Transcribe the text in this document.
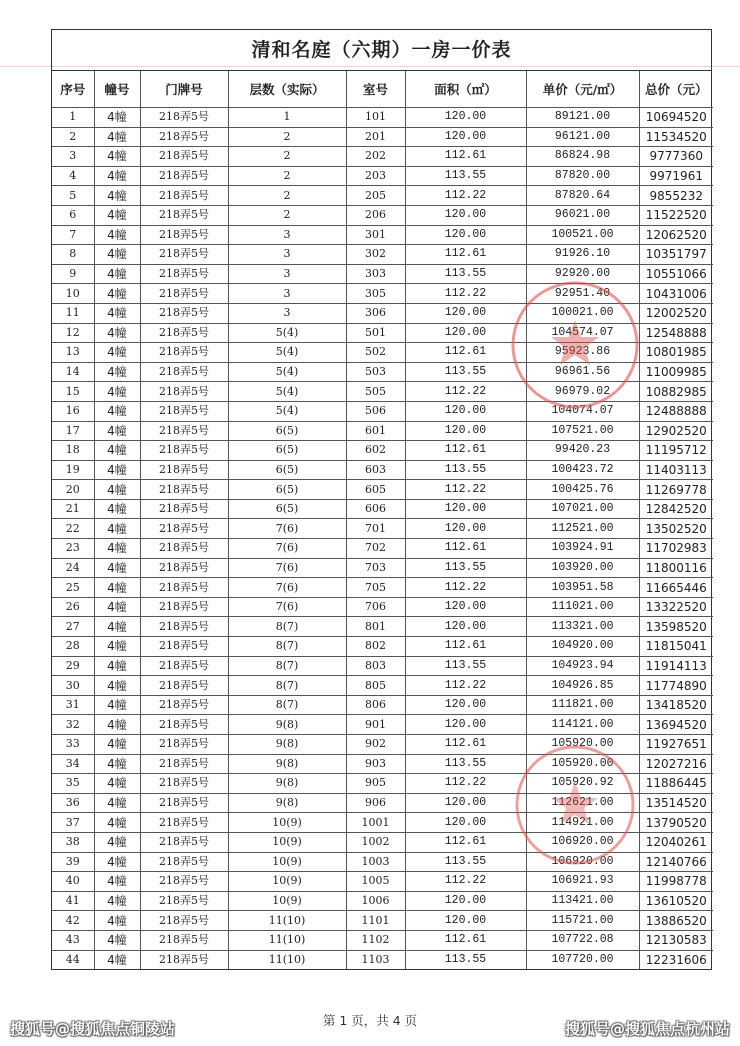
清和名庭（六期）一房一价表
序号	幢号	门牌号	层数（实际）	室号	面积（㎡）	单价（元/㎡）	总价（元）
1	4幢	218弄5号	1	101	120.00	89121.00	10694520
2	4幢	218弄5号	2	201	120.00	96121.00	11534520
3	4幢	218弄5号	2	202	112.61	86824.98	9777360
4	4幢	218弄5号	2	203	113.55	87820.00	9971961
5	4幢	218弄5号	2	205	112.22	87820.64	9855232
6	4幢	218弄5号	2	206	120.00	96021.00	11522520
7	4幢	218弄5号	3	301	120.00	100521.00	12062520
8	4幢	218弄5号	3	302	112.61	91926.10	10351797
9	4幢	218弄5号	3	303	113.55	92920.00	10551066
10	4幢	218弄5号	3	305	112.22	92951.40	10431006
11	4幢	218弄5号	3	306	120.00	100021.00	12002520
12	4幢	218弄5号	5(4)	501	120.00	104574.07	12548888
13	4幢	218弄5号	5(4)	502	112.61	95923.86	10801985
14	4幢	218弄5号	5(4)	503	113.55	96961.56	11009985
15	4幢	218弄5号	5(4)	505	112.22	96979.02	10882985
16	4幢	218弄5号	5(4)	506	120.00	104074.07	12488888
17	4幢	218弄5号	6(5)	601	120.00	107521.00	12902520
18	4幢	218弄5号	6(5)	602	112.61	99420.23	11195712
19	4幢	218弄5号	6(5)	603	113.55	100423.72	11403113
20	4幢	218弄5号	6(5)	605	112.22	100425.76	11269778
21	4幢	218弄5号	6(5)	606	120.00	107021.00	12842520
22	4幢	218弄5号	7(6)	701	120.00	112521.00	13502520
23	4幢	218弄5号	7(6)	702	112.61	103924.91	11702983
24	4幢	218弄5号	7(6)	703	113.55	103920.00	11800116
25	4幢	218弄5号	7(6)	705	112.22	103951.58	11665446
26	4幢	218弄5号	7(6)	706	120.00	111021.00	13322520
27	4幢	218弄5号	8(7)	801	120.00	113321.00	13598520
28	4幢	218弄5号	8(7)	802	112.61	104920.00	11815041
29	4幢	218弄5号	8(7)	803	113.55	104923.94	11914113
30	4幢	218弄5号	8(7)	805	112.22	104926.85	11774890
31	4幢	218弄5号	8(7)	806	120.00	111821.00	13418520
32	4幢	218弄5号	9(8)	901	120.00	114121.00	13694520
33	4幢	218弄5号	9(8)	902	112.61	105920.00	11927651
34	4幢	218弄5号	9(8)	903	113.55	105920.00	12027216
35	4幢	218弄5号	9(8)	905	112.22	105920.92	11886445
36	4幢	218弄5号	9(8)	906	120.00	112621.00	13514520
37	4幢	218弄5号	10(9)	1001	120.00	114921.00	13790520
38	4幢	218弄5号	10(9)	1002	112.61	106920.00	12040261
39	4幢	218弄5号	10(9)	1003	113.55	106920.00	12140766
40	4幢	218弄5号	10(9)	1005	112.22	106921.93	11998778
41	4幢	218弄5号	10(9)	1006	120.00	113421.00	13610520
42	4幢	218弄5号	11(10)	1101	120.00	115721.00	13886520
43	4幢	218弄5号	11(10)	1102	112.61	107722.08	12130583
44	4幢	218弄5号	11(10)	1103	113.55	107720.00	12231606
第 1 页，共 4 页
搜狐号@搜狐焦点铜陵站	搜狐号@搜狐焦点杭州站
